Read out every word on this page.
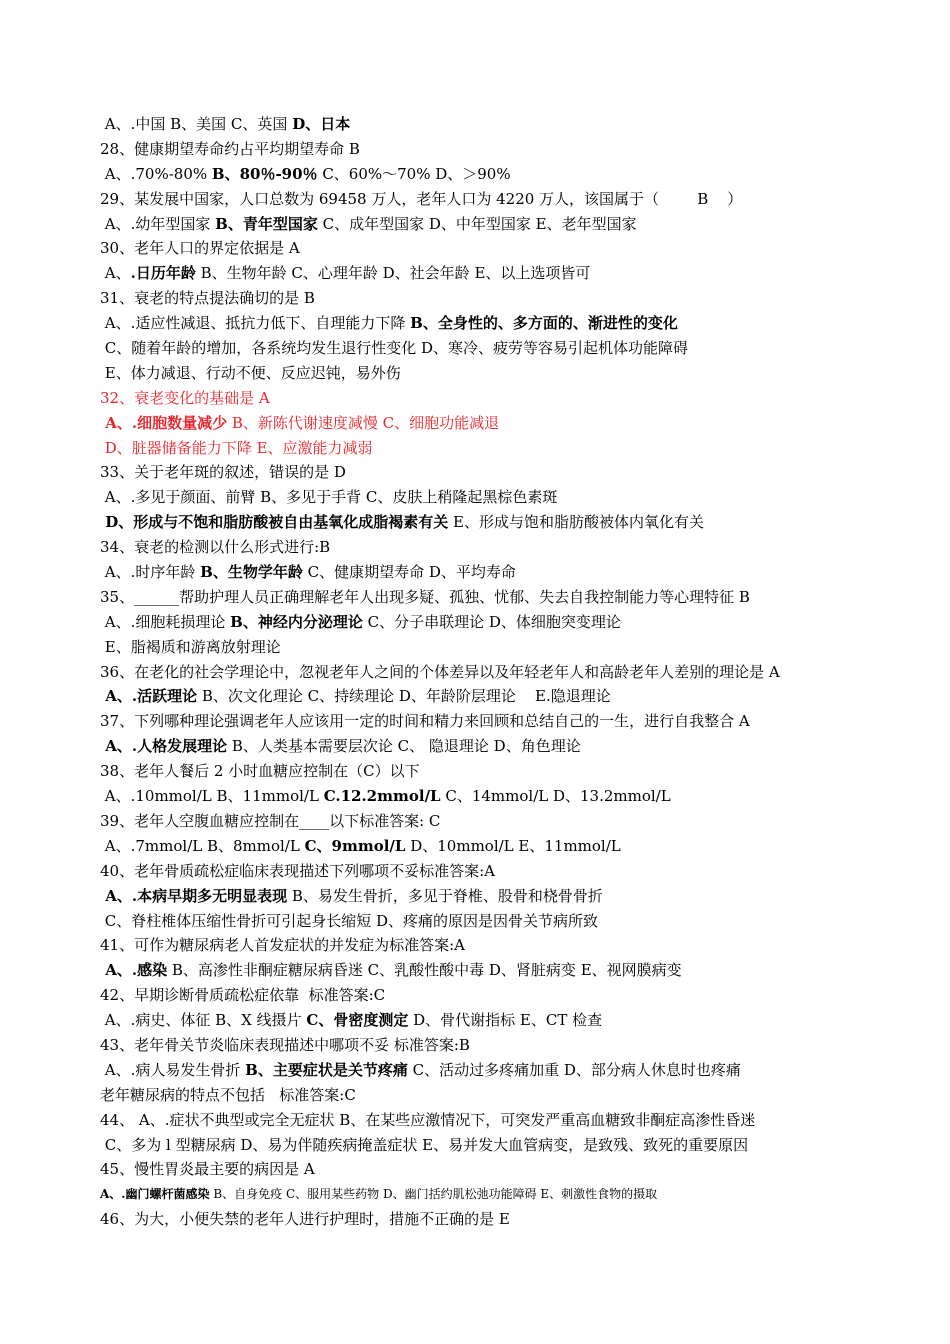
A、.中国 B、美国 C、英国 D、日本
28、健康期望寿命约占平均期望寿命 B
A、.70%-80% B、80％-90％ C、60%～70% D、＞90%
29、某发展中国家，人口总数为 69458 万人，老年人口为 4220 万人，该国属于（        B    ）
A、.幼年型国家 B、青年型国家 C、成年型国家 D、中年型国家 E、老年型国家
30、老年人口的界定依据是 A
A、.日历年龄 B、生物年龄 C、心理年龄 D、社会年龄 E、以上选项皆可
31、衰老的特点提法确切的是 B
A、.适应性减退、抵抗力低下、自理能力下降 B、全身性的、多方面的、渐进性的变化
C、随着年龄的增加，各系统均发生退行性变化 D、寒冷、疲劳等容易引起机体功能障碍
E、体力减退、行动不便、反应迟钝，易外伤
32、衰老变化的基础是 A
A、.细胞数量减少 B、新陈代谢速度减慢 C、细胞功能减退
D、脏器储备能力下降 E、应激能力减弱
33、关于老年斑的叙述，错误的是 D
A、.多见于颜面、前臂 B、多见于手背 C、皮肤上稍隆起黑棕色素斑
D、形成与不饱和脂肪酸被自由基氧化成脂褐素有关 E、形成与饱和脂肪酸被体内氧化有关
34、衰老的检测以什么形式进行:B
A、.时序年龄 B、生物学年龄 C、健康期望寿命 D、平均寿命
35、______帮助护理人员正确理解老年人出现多疑、孤独、忧郁、失去自我控制能力等心理特征 B
A、.细胞耗损理论 B、神经内分泌理论 C、分子串联理论 D、体细胞突变理论
E、脂褐质和游离放射理论
36、在老化的社会学理论中，忽视老年人之间的个体差异以及年轻老年人和高龄老年人差别的理论是 A
A、.活跃理论 B、次文化理论 C、持续理论 D、年龄阶层理论    E.隐退理论
37、下列哪种理论强调老年人应该用一定的时间和精力来回顾和总结自己的一生，进行自我整合 A
A、.人格发展理论 B、人类基本需要层次论 C、 隐退理论 D、角色理论
38、老年人餐后 2 小时血糖应控制在（C）以下
A、.10mmol/L B、11mmol/L C.12.2mmol/L C、14mmol/L D、13.2mmol/L
39、老年人空腹血糖应控制在____以下标准答案: C
A、.7mmol/L B、8mmol/L C、9mmol/L D、10mmol/L E、11mmol/L
40、老年骨质疏松症临床表现描述下列哪项不妥标准答案:A
A、.本病早期多无明显表现 B、易发生骨折，多见于脊椎、股骨和桡骨骨折
C、脊柱椎体压缩性骨折可引起身长缩短 D、疼痛的原因是因骨关节病所致
41、可作为糖尿病老人首发症状的并发症为标准答案:A
A、.感染 B、高渗性非酮症糖尿病昏迷 C、乳酸性酸中毒 D、肾脏病变 E、视网膜病变
42、早期诊断骨质疏松症依靠  标准答案:C
A、.病史、体征 B、X 线摄片 C、骨密度测定 D、骨代谢指标 E、CT 检查
43、老年骨关节炎临床表现描述中哪项不妥 标准答案:B
A、.病人易发生骨折 B、主要症状是关节疼痛 C、活动过多疼痛加重 D、部分病人休息时也疼痛
老年糖尿病的特点不包括   标准答案:C
44、 A、.症状不典型或完全无症状 B、在某些应激情况下，可突发严重高血糖致非酮症高渗性昏迷
C、多为 l 型糖尿病 D、易为伴随疾病掩盖症状 E、易并发大血管病变，是致残、致死的重要原因
45、慢性胃炎最主要的病因是 A
A、.幽门螺杆菌感染 B、自身免疫 C、服用某些药物 D、幽门括约肌松弛功能障碍 E、刺激性食物的摄取
46、为大，小便失禁的老年人进行护理时，措施不正确的是 E
